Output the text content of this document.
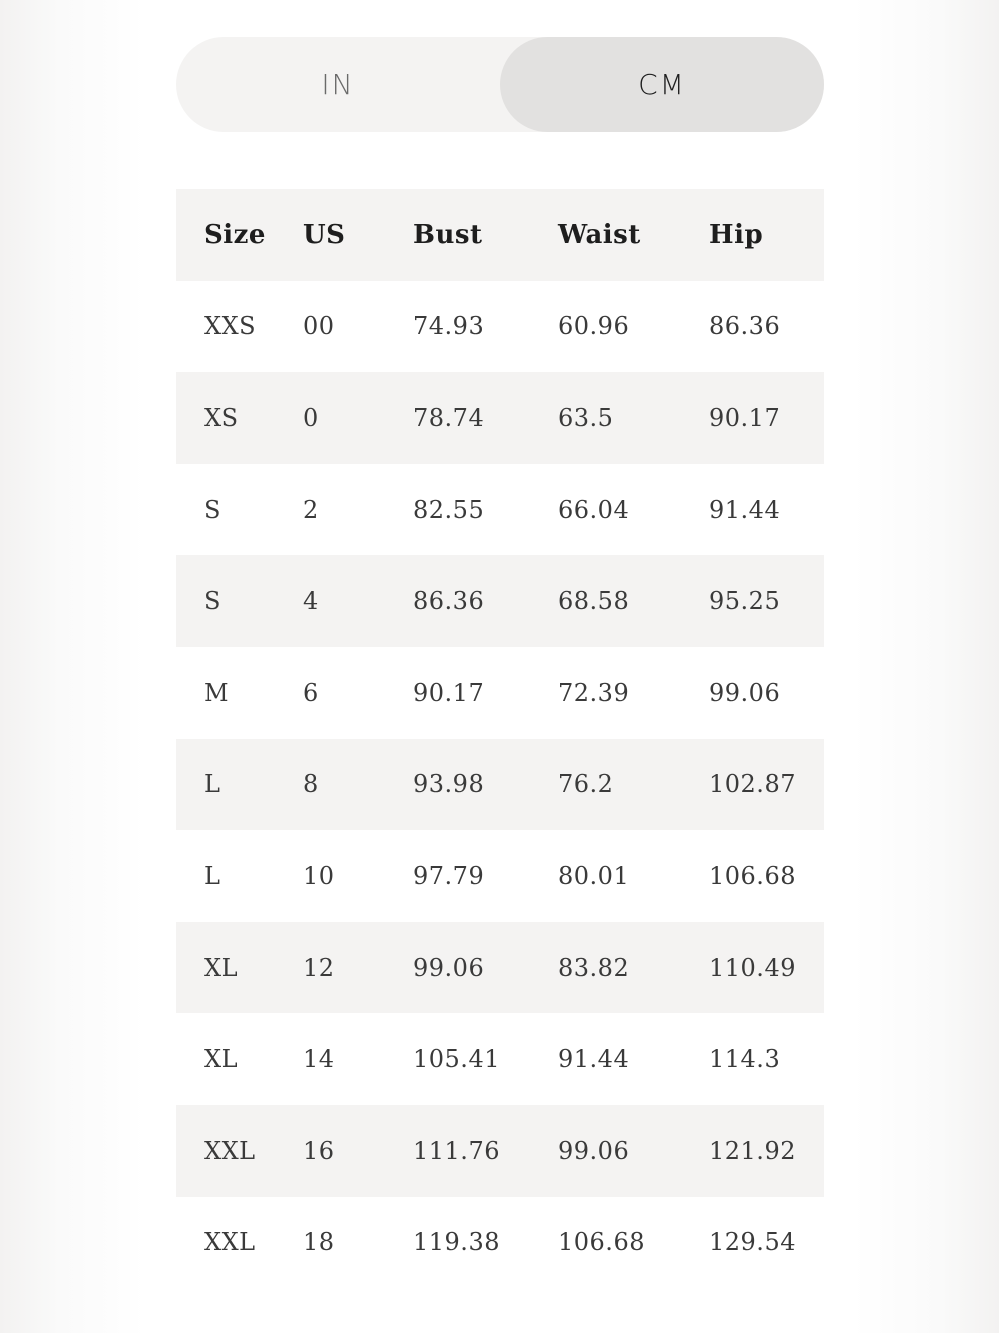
IN	CM
Size	US	Bust	Waist	Hip
XXS	00	74.93	60.96	86.36
XS	0	78.74	63.5	90.17
S	2	82.55	66.04	91.44
S	4	86.36	68.58	95.25
M	6	90.17	72.39	99.06
L	8	93.98	76.2	102.87
L	10	97.79	80.01	106.68
XL	12	99.06	83.82	110.49
XL	14	105.41	91.44	114.3
XXL	16	111.76	99.06	121.92
XXL	18	119.38	106.68	129.54
